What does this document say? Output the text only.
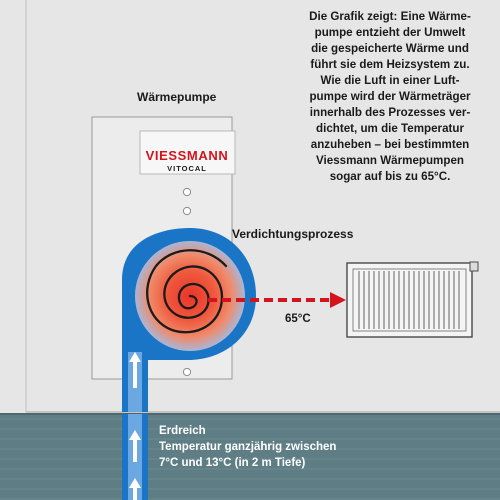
VIESSMANN
VITOCAL
Die Grafik zeigt: Eine Wärme-
pumpe entzieht der Umwelt
die gespeicherte Wärme und
führt sie dem Heizsystem zu.
Wie die Luft in einer Luft-
pumpe wird der Wärmeträger
innerhalb des Prozesses ver-
dichtet, um die Temperatur
anzuheben – bei bestimmten
Viessmann Wärmepumpen
sogar auf bis zu 65°C.
Wärmepumpe
Verdichtungsprozess
65°C
Erdreich
Temperatur ganzjährig zwischen
7°C und 13°C (in 2 m Tiefe)
